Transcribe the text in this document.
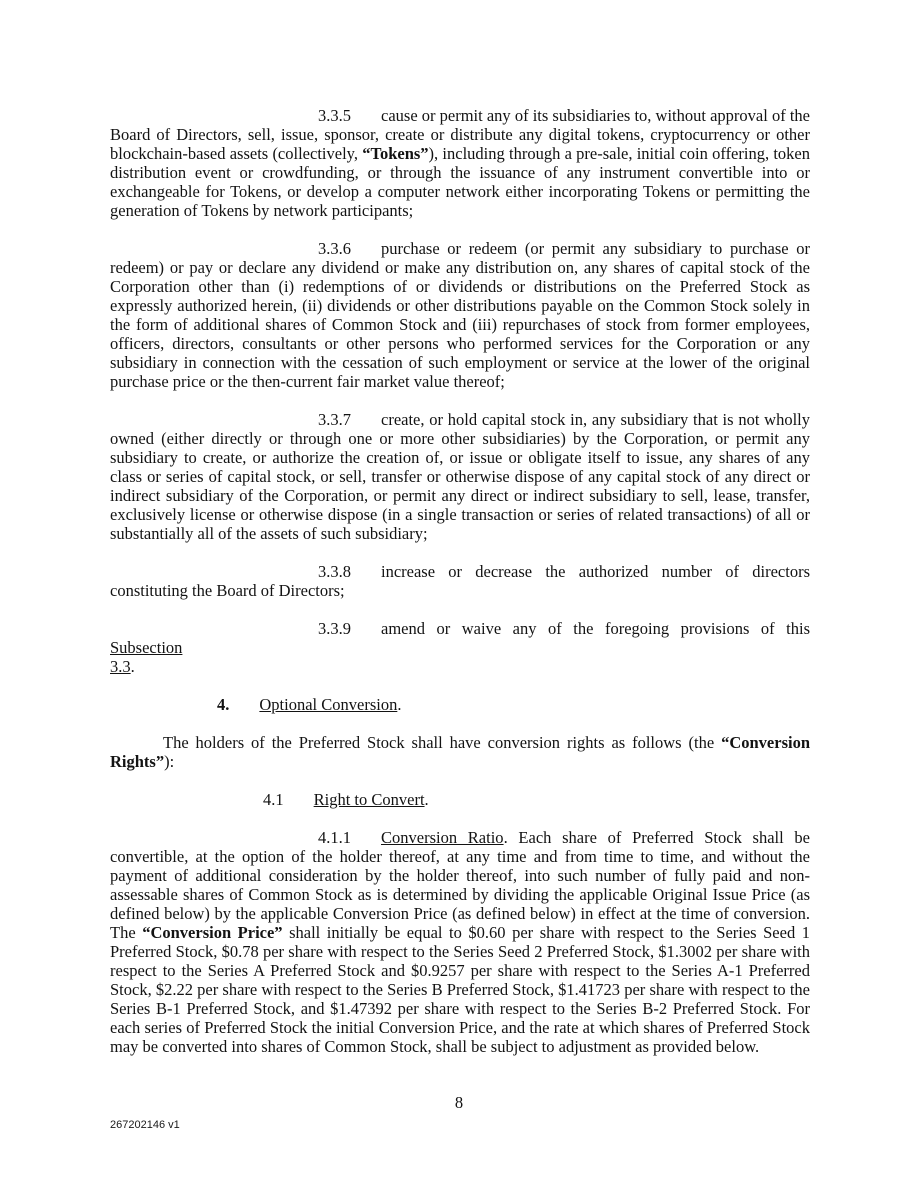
3.3.5 cause or permit any of its subsidiaries to, without approval of the Board of Directors, sell, issue, sponsor, create or distribute any digital tokens, cryptocurrency or other blockchain-based assets (collectively, “Tokens”), including through a pre-sale, initial coin offering, token distribution event or crowdfunding, or through the issuance of any instrument convertible into or exchangeable for Tokens, or develop a computer network either incorporating Tokens or permitting the generation of Tokens by network participants;

3.3.6 purchase or redeem (or permit any subsidiary to purchase or redeem) or pay or declare any dividend or make any distribution on, any shares of capital stock of the Corporation other than (i) redemptions of or dividends or distributions on the Preferred Stock as expressly authorized herein, (ii) dividends or other distributions payable on the Common Stock solely in the form of additional shares of Common Stock and (iii) repurchases of stock from former employees, officers, directors, consultants or other persons who performed services for the Corporation or any subsidiary in connection with the cessation of such employment or service at the lower of the original purchase price or the then-current fair market value thereof;

3.3.7 create, or hold capital stock in, any subsidiary that is not wholly owned (either directly or through one or more other subsidiaries) by the Corporation, or permit any subsidiary to create, or authorize the creation of, or issue or obligate itself to issue, any shares of any class or series of capital stock, or sell, transfer or otherwise dispose of any capital stock of any direct or indirect subsidiary of the Corporation, or permit any direct or indirect subsidiary to sell, lease, transfer, exclusively license or otherwise dispose (in a single transaction or series of related transactions) of all or substantially all of the assets of such subsidiary;

3.3.8 increase or decrease the authorized number of directors constituting the Board of Directors;

3.3.9 amend or waive any of the foregoing provisions of this Subsection
3.3.

4. Optional Conversion.

The holders of the Preferred Stock shall have conversion rights as follows (the “Conversion Rights”):

4.1 Right to Convert.

4.1.1 Conversion Ratio. Each share of Preferred Stock shall be convertible, at the option of the holder thereof, at any time and from time to time, and without the payment of additional consideration by the holder thereof, into such number of fully paid and non-assessable shares of Common Stock as is determined by dividing the applicable Original Issue Price (as defined below) by the applicable Conversion Price (as defined below) in effect at the time of conversion. The “Conversion Price” shall initially be equal to $0.60 per share with respect to the Series Seed 1 Preferred Stock, $0.78 per share with respect to the Series Seed 2 Preferred Stock, $1.3002 per share with respect to the Series A Preferred Stock and $0.9257 per share with respect to the Series A-1 Preferred Stock, $2.22 per share with respect to the Series B Preferred Stock, $1.41723 per share with respect to the Series B-1 Preferred Stock, and $1.47392 per share with respect to the Series B-2 Preferred Stock. For each series of Preferred Stock the initial Conversion Price, and the rate at which shares of Preferred Stock may be converted into shares of Common Stock, shall be subject to adjustment as provided below.

8
267202146 v1
